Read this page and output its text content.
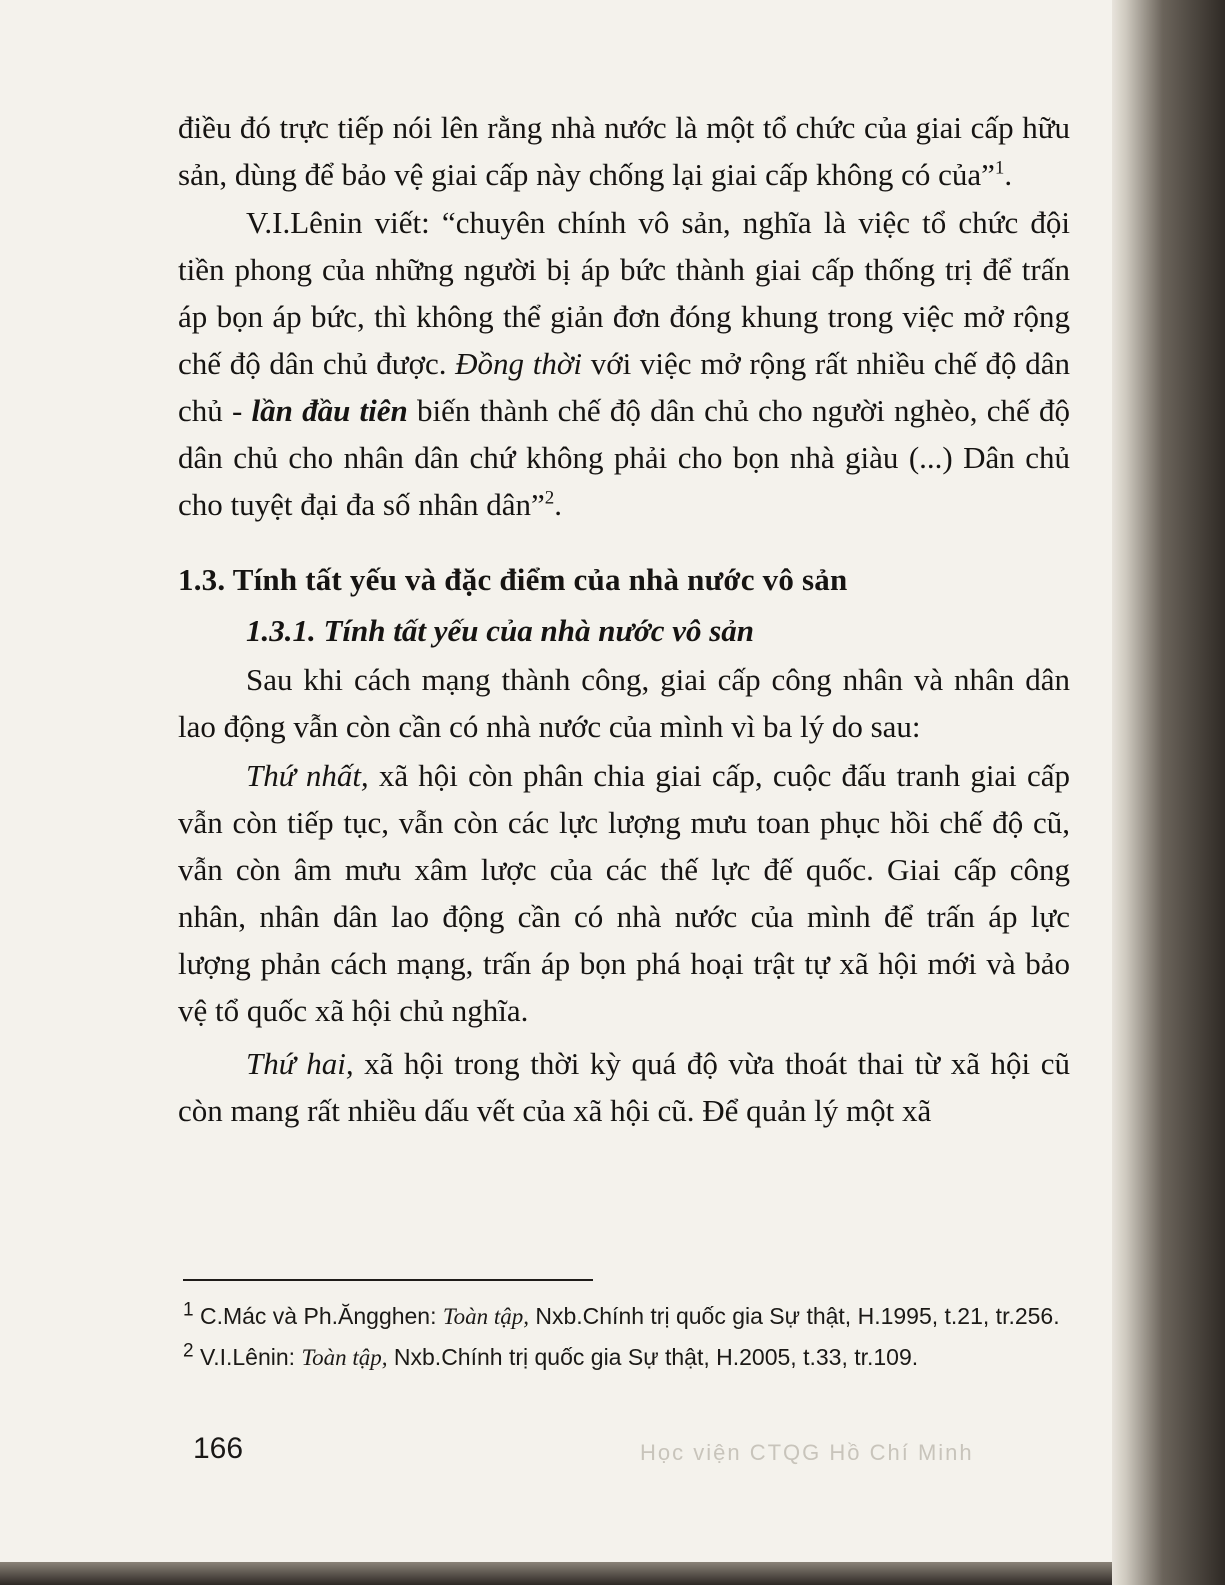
điều đó trực tiếp nói lên rằng nhà nước là một tổ chức của giai cấp hữu sản, dùng để bảo vệ giai cấp này chống lại giai cấp không có của”$^1$.

V.I.Lênin viết: “chuyên chính vô sản, nghĩa là việc tổ chức đội tiền phong của những người bị áp bức thành giai cấp thống trị để trấn áp bọn áp bức, thì không thể giản đơn đóng khung trong việc mở rộng chế độ dân chủ được. Đồng thời với việc mở rộng rất nhiều chế độ dân chủ - lần đầu tiên biến thành chế độ dân chủ cho người nghèo, chế độ dân chủ cho nhân dân chứ không phải cho bọn nhà giàu (...) Dân chủ cho tuyệt đại đa số nhân dân”$^2$.

1.3. Tính tất yếu và đặc điểm của nhà nước vô sản

1.3.1. Tính tất yếu của nhà nước vô sản

Sau khi cách mạng thành công, giai cấp công nhân và nhân dân lao động vẫn còn cần có nhà nước của mình vì ba lý do sau:

Thứ nhất, xã hội còn phân chia giai cấp, cuộc đấu tranh giai cấp vẫn còn tiếp tục, vẫn còn các lực lượng mưu toan phục hồi chế độ cũ, vẫn còn âm mưu xâm lược của các thế lực đế quốc. Giai cấp công nhân, nhân dân lao động cần có nhà nước của mình để trấn áp lực lượng phản cách mạng, trấn áp bọn phá hoại trật tự xã hội mới và bảo vệ tổ quốc xã hội chủ nghĩa.

Thứ hai, xã hội trong thời kỳ quá độ vừa thoát thai từ xã hội cũ còn mang rất nhiều dấu vết của xã hội cũ. Để quản lý một xã

$^1$ C.Mác và Ph.Ăngghen: Toàn tập, Nxb.Chính trị quốc gia Sự thật, H.1995, t.21, tr.256.

$^2$ V.I.Lênin: Toàn tập, Nxb.Chính trị quốc gia Sự thật, H.2005, t.33, tr.109.

166	Học viện CTQG Hồ Chí Minh
